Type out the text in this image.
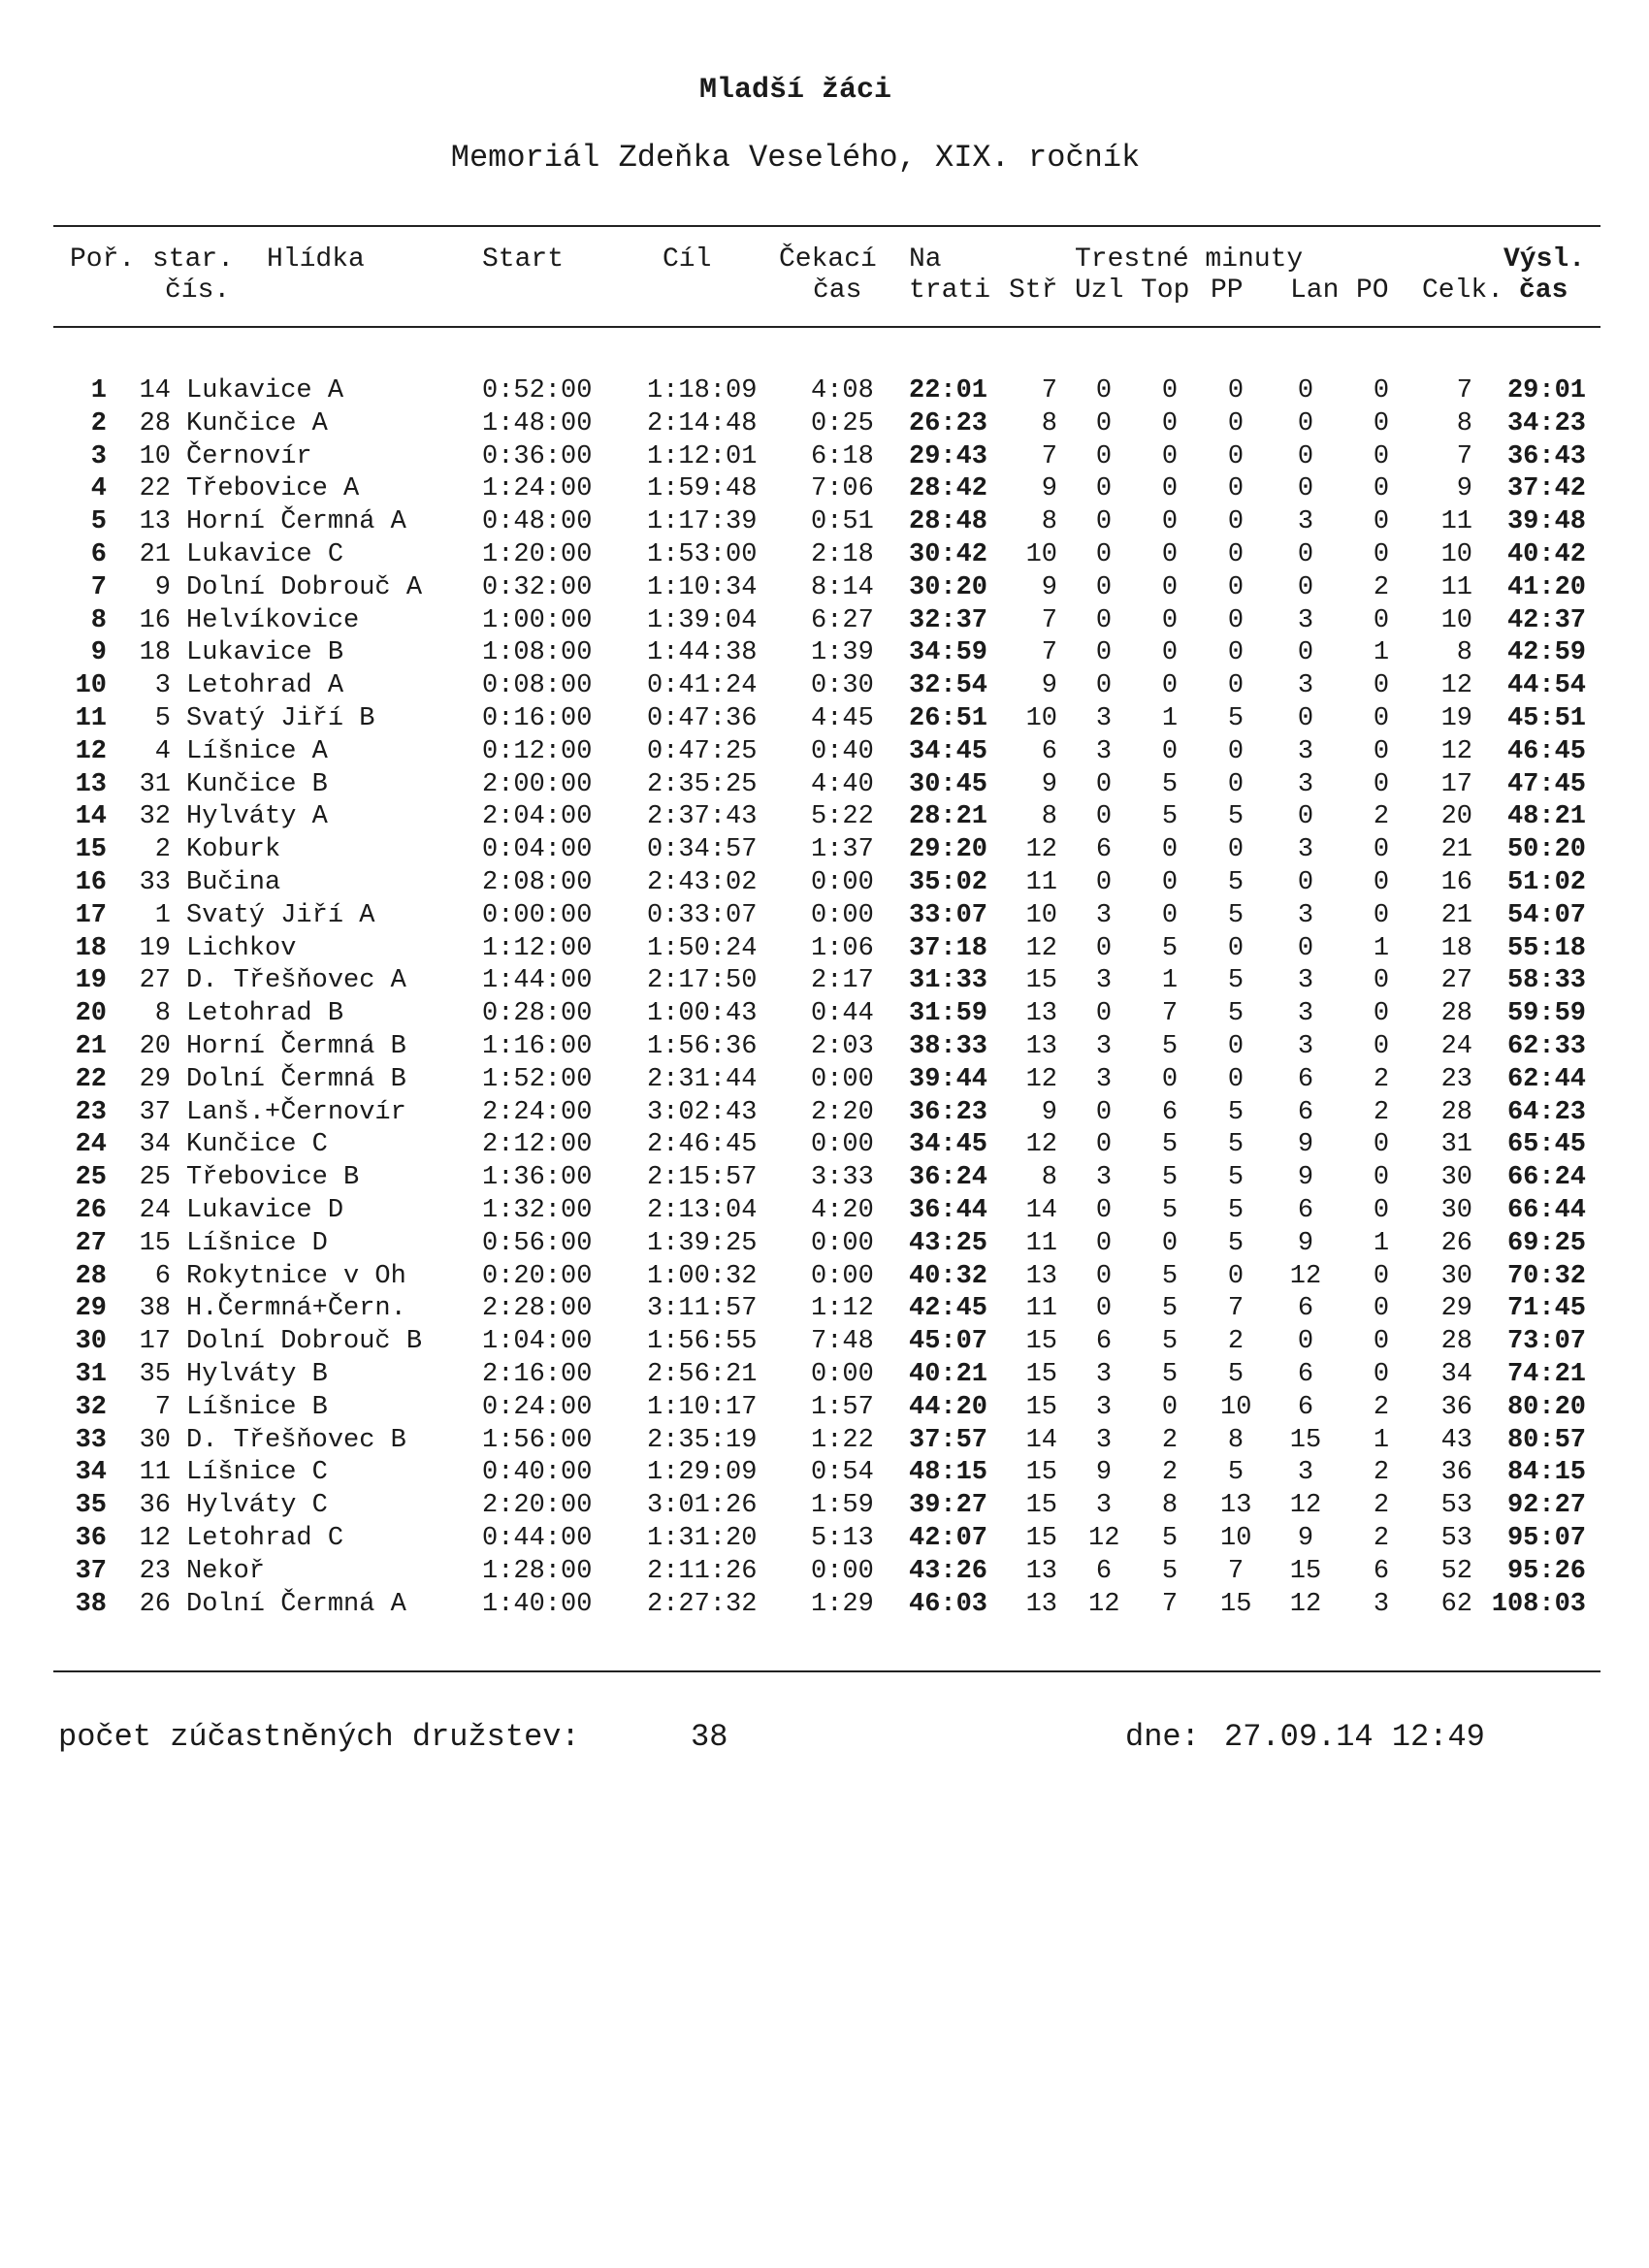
Mladší žáci
Memoriál Zdeňka Veselého, XIX. ročník
Poř. star. Hlídka	Start	Cíl Čekací Na	Trestné minuty	Výsl.
čís.	čas trati Stř Uzl Top PP Lan PO Celk. čas
1	14 Lukavice A	0:52:00	1:18:09	4:08	22:01	7 0 0 0	0	0	7	29:01
2	28 Kunčice A	1:48:00	2:14:48	0:25	26:23	8 0 0 0	0	0	8	34:23
3	10 Černovír	0:36:00	1:12:01	6:18	29:43	7 0 0 0	0	0	7	36:43
4	22 Třebovice A	1:24:00	1:59:48	7:06	28:42	9 0 0 0	0	0	9	37:42
5	13 Horní Čermná A	0:48:00	1:17:39	0:51	28:48	8 0 0 0	3	0	11	39:48
6	21 Lukavice C	1:20:00	1:53:00	2:18	30:42	10 0 0 0	0	0	10	40:42
7	9 Dolní Dobrouč A	0:32:00	1:10:34	8:14	30:20	9 0 0 0	0	2	11	41:20
8	16 Helvíkovice	1:00:00	1:39:04	6:27	32:37	7 0 0 0	3	0	10	42:37
9	18 Lukavice B	1:08:00	1:44:38	1:39	34:59	7 0 0 0	0	1	8	42:59
10	3 Letohrad A	0:08:00	0:41:24	0:30	32:54	9 0 0 0	3	0	12	44:54
11	5 Svatý Jiří B	0:16:00	0:47:36	4:45	26:51	10 3 1 5	0	0	19	45:51
12	4 Líšnice A	0:12:00	0:47:25	0:40	34:45	6 3 0 0	3	0	12	46:45
13	31 Kunčice B	2:00:00	2:35:25	4:40	30:45	9 0 5 0	3	0	17	47:45
14	32 Hylváty A	2:04:00	2:37:43	5:22	28:21	8 0 5 5	0	2	20	48:21
15	2 Koburk	0:04:00	0:34:57	1:37	29:20	12 6 0 0	3	0	21	50:20
16	33 Bučina	2:08:00	2:43:02	0:00	35:02	11 0 0 5	0	0	16	51:02
17	1 Svatý Jiří A	0:00:00	0:33:07	0:00	33:07	10 3 0 5	3	0	21	54:07
18	19 Lichkov	1:12:00	1:50:24	1:06	37:18	12 0 5 0	0	1	18	55:18
19	27 D. Třešňovec A	1:44:00	2:17:50	2:17	31:33	15 3 1 5	3	0	27	58:33
20	8 Letohrad B	0:28:00	1:00:43	0:44	31:59	13 0 7 5	3	0	28	59:59
21	20 Horní Čermná B	1:16:00	1:56:36	2:03	38:33	13 3 5 0	3	0	24	62:33
22	29 Dolní Čermná B	1:52:00	2:31:44	0:00	39:44	12 3 0 0	6	2	23	62:44
23	37 Lanš.+Černovír	2:24:00	3:02:43	2:20	36:23	9 0 6 5	6	2	28	64:23
24	34 Kunčice C	2:12:00	2:46:45	0:00	34:45	12 0 5 5	9	0	31	65:45
25	25 Třebovice B	1:36:00	2:15:57	3:33	36:24	8 3 5 5	9	0	30	66:24
26	24 Lukavice D	1:32:00	2:13:04	4:20	36:44	14 0 5 5	6	0	30	66:44
27	15 Líšnice D	0:56:00	1:39:25	0:00	43:25	11 0 0 5	9	1	26	69:25
28	6 Rokytnice v Oh	0:20:00	1:00:32	0:00	40:32	13 0 5 0 12 0	30	70:32
29	38 H.Čermná+Čern.	2:28:00	3:11:57	1:12	42:45	11 0 5 7	6	0	29	71:45
30	17 Dolní Dobrouč B	1:04:00	1:56:55	7:48	45:07	15 6 5 2	0	0	28	73:07
31	35 Hylváty B	2:16:00	2:56:21	0:00	40:21	15 3 5 5	6	0	34	74:21
32	7 Líšnice B	0:24:00	1:10:17	1:57	44:20	15 3 0 10	6	2	36	80:20
33	30 D. Třešňovec B	1:56:00	2:35:19	1:22	37:57	14 3 2 8 15 1	43	80:57
34	11 Líšnice C	0:40:00	1:29:09	0:54	48:15	15 9 2 5	3	2	36	84:15
35	36 Hylváty C	2:20:00	3:01:26	1:59	39:27	15 3 8 13 12 2	53	92:27
36	12 Letohrad C	0:44:00	1:31:20	5:13	42:07	15 12 5 10	9	2	53	95:07
37	23 Nekoř	1:28:00	2:11:26	0:00	43:26	13 6 5 7 15 6	52	95:26
38	26 Dolní Čermná A	1:40:00	2:27:32	1:29	46:03	13 12 7 15 12 3	62 108:03
počet zúčastněných družstev:	38	dne: 27.09.14 12:49
